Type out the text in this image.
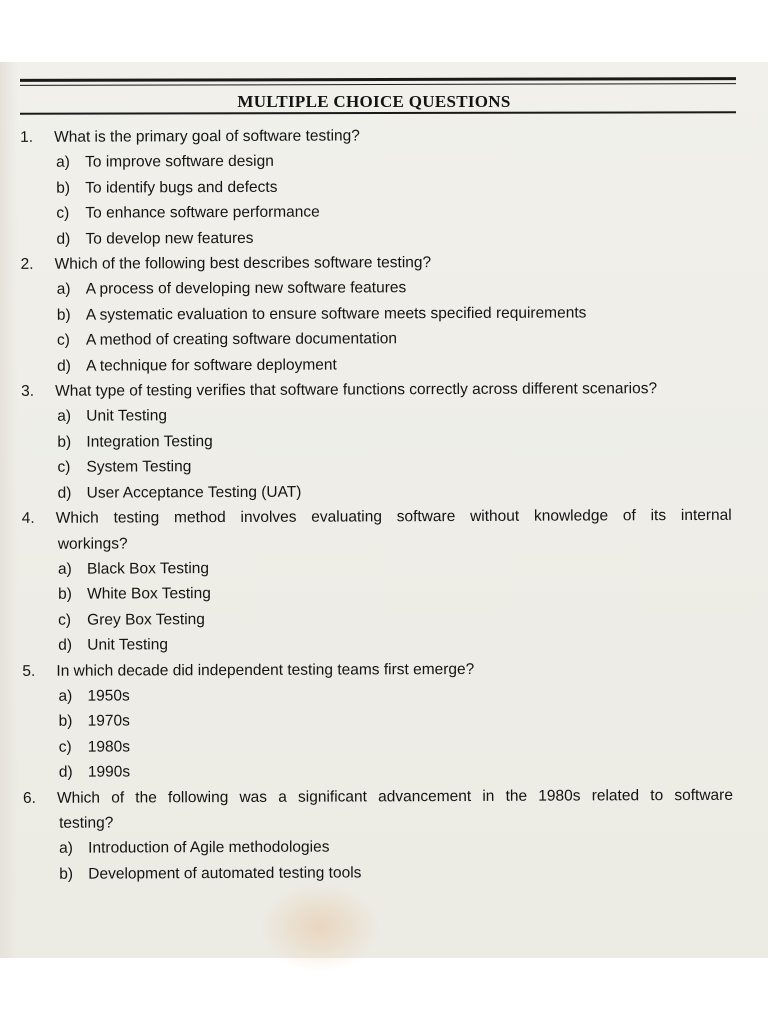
MULTIPLE CHOICE QUESTIONS
1.	What is the primary goal of software testing?
a) To improve software design
b) To identify bugs and defects
c)	To enhance software performance
d) To develop new features
2.	Which of the following best describes software testing?
a) A process of developing new software features
b) A systematic evaluation to ensure software meets specified requirements
c)	A method of creating software documentation
d) A technique for software deployment
3.	What type of testing verifies that software functions correctly across different scenarios?
a) Unit Testing
b) Integration Testing
c)	System Testing
d) User Acceptance Testing (UAT)
4.	Which testing method involves evaluating software without knowledge of its internal
workings?
a) Black Box Testing
b) White Box Testing
c)	Grey Box Testing
d) Unit Testing
5.	In which decade did independent testing teams first emerge?
a) 1950s
b) 1970s
c)	1980s
d) 1990s
6.	Which of the following was a significant advancement in the 1980s related to software
testing?
a) Introduction of Agile methodologies
b) Development of automated testing tools
